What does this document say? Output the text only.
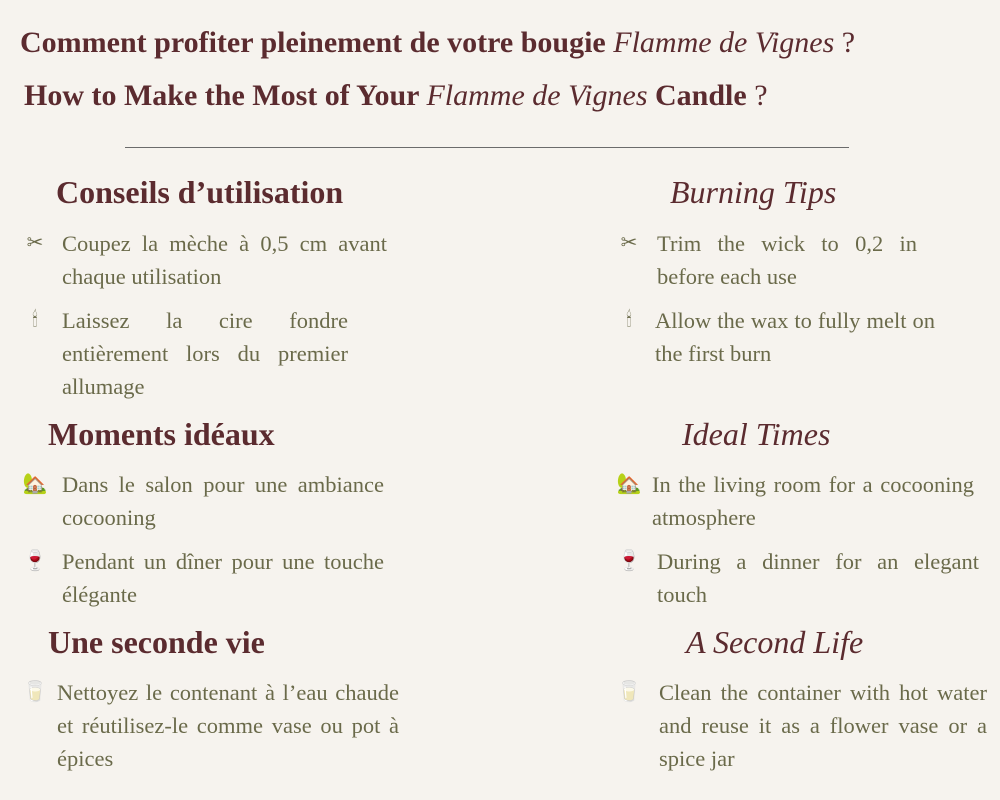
Comment profiter pleinement de votre bougie Flamme de Vignes ?
How to Make the Most of Your Flamme de Vignes Candle ?
Conseils d’utilisation	Burning Tips
✂ Coupez la mèche à 0,5 cm avant chaque utilisation
🕯	Laissez la cire fondre entièrement lors du premier allumage
✂ Trim the wick to 0,2 in before each use
🕯	Allow the wax to fully melt on the first burn
Moments idéaux	Ideal Times
🏡 Dans le salon pour une ambiance cocooning
🍷 Pendant un dîner pour une touche élégante
🏡 In the living room for a cocooning atmosphere
🍷 During a dinner for an elegant touch
Une seconde vie	A Second Life
🥛 Nettoyez le contenant à l’eau chaude et réutilisez-le comme vase ou pot à épices
🥛 Clean the container with hot water and reuse it as a flower vase or a spice jar
